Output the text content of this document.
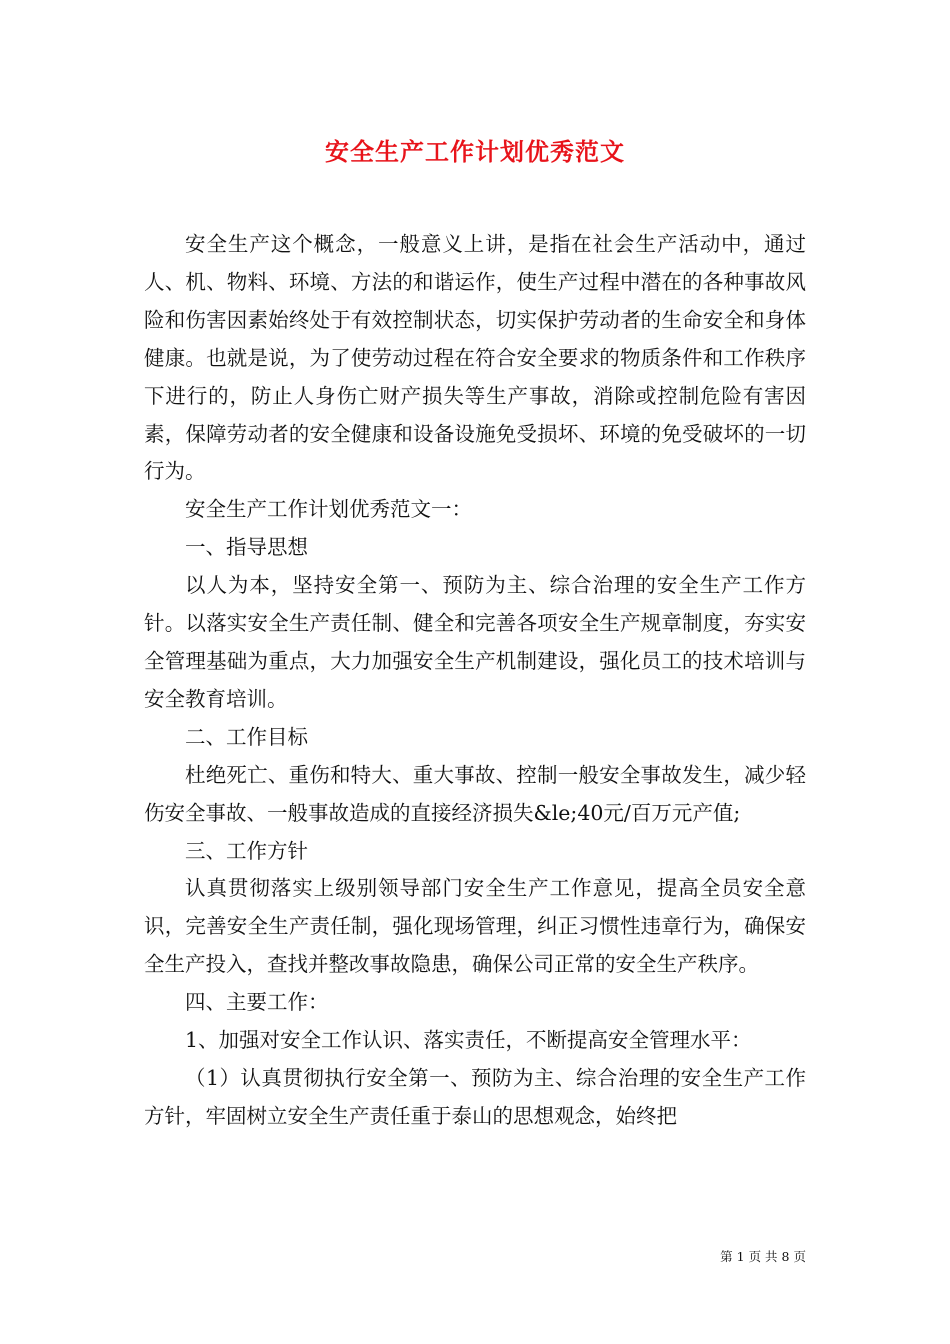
安全生产工作计划优秀范文

安全生产这个概念，一般意义上讲，是指在社会生产活动中，通过人、机、物料、环境、方法的和谐运作，使生产过程中潜在的各种事故风险和伤害因素始终处于有效控制状态，切实保护劳动者的生命安全和身体健康。也就是说，为了使劳动过程在符合安全要求的物质条件和工作秩序下进行的，防止人身伤亡财产损失等生产事故，消除或控制危险有害因素，保障劳动者的安全健康和设备设施免受损坏、环境的免受破坏的一切行为。

安全生产工作计划优秀范文一：

一、指导思想

以人为本，坚持安全第一、预防为主、综合治理的安全生产工作方针。以落实安全生产责任制、健全和完善各项安全生产规章制度，夯实安全管理基础为重点，大力加强安全生产机制建设，强化员工的技术培训与安全教育培训。

二、工作目标

杜绝死亡、重伤和特大、重大事故、控制一般安全事故发生，减少轻伤安全事故、一般事故造成的直接经济损失&le;40元/百万元产值;

三、工作方针

认真贯彻落实上级别领导部门安全生产工作意见，提高全员安全意识，完善安全生产责任制，强化现场管理，纠正习惯性违章行为，确保安全生产投入，查找并整改事故隐患，确保公司正常的安全生产秩序。

四、主要工作：

1、加强对安全工作认识、落实责任，不断提高安全管理水平：

（1）认真贯彻执行安全第一、预防为主、综合治理的安全生产工作方针，牢固树立安全生产责任重于泰山的思想观念，始终把

第 1 页 共 8 页
